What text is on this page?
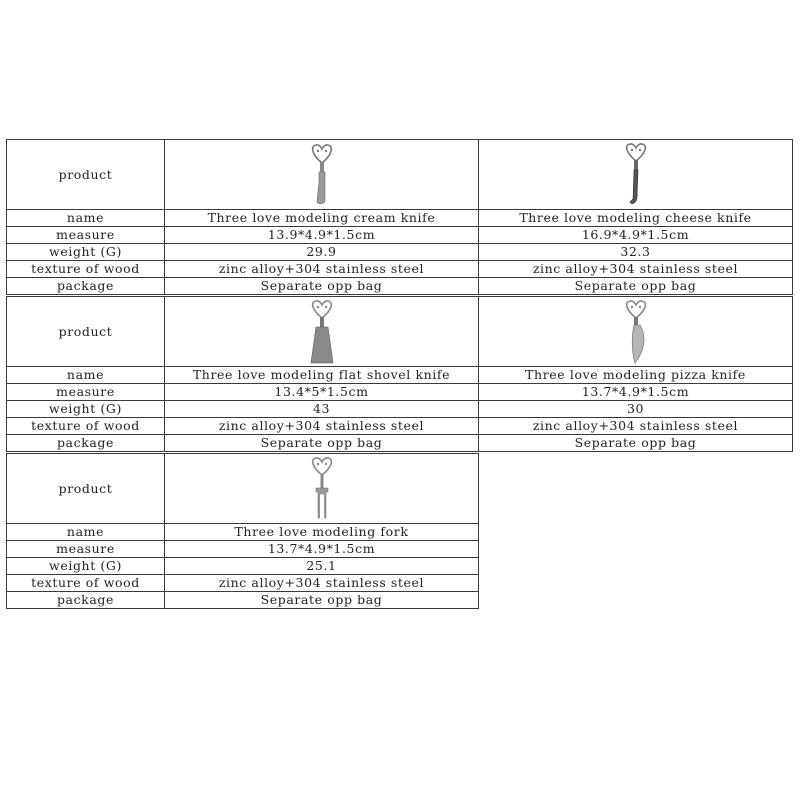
product	

name	Three love modeling cream knife	Three love modeling cheese knife
measure	13.9*4.9*1.5cm	16.9*4.9*1.5cm
weight (G)	29.9	32.3
texture of wood	zinc alloy+304 stainless steel	zinc alloy+304 stainless steel
package	Separate opp bag	Separate opp bag
product	

name	Three love modeling flat shovel knife	Three love modeling pizza knife
measure	13.4*5*1.5cm	13.7*4.9*1.5cm
weight (G)	43	30
texture of wood	zinc alloy+304 stainless steel	zinc alloy+304 stainless steel
package	Separate opp bag	Separate opp bag
product	

name	Three love modeling fork
measure	13.7*4.9*1.5cm
weight (G)	25.1
texture of wood	zinc alloy+304 stainless steel
package	Separate opp bag
